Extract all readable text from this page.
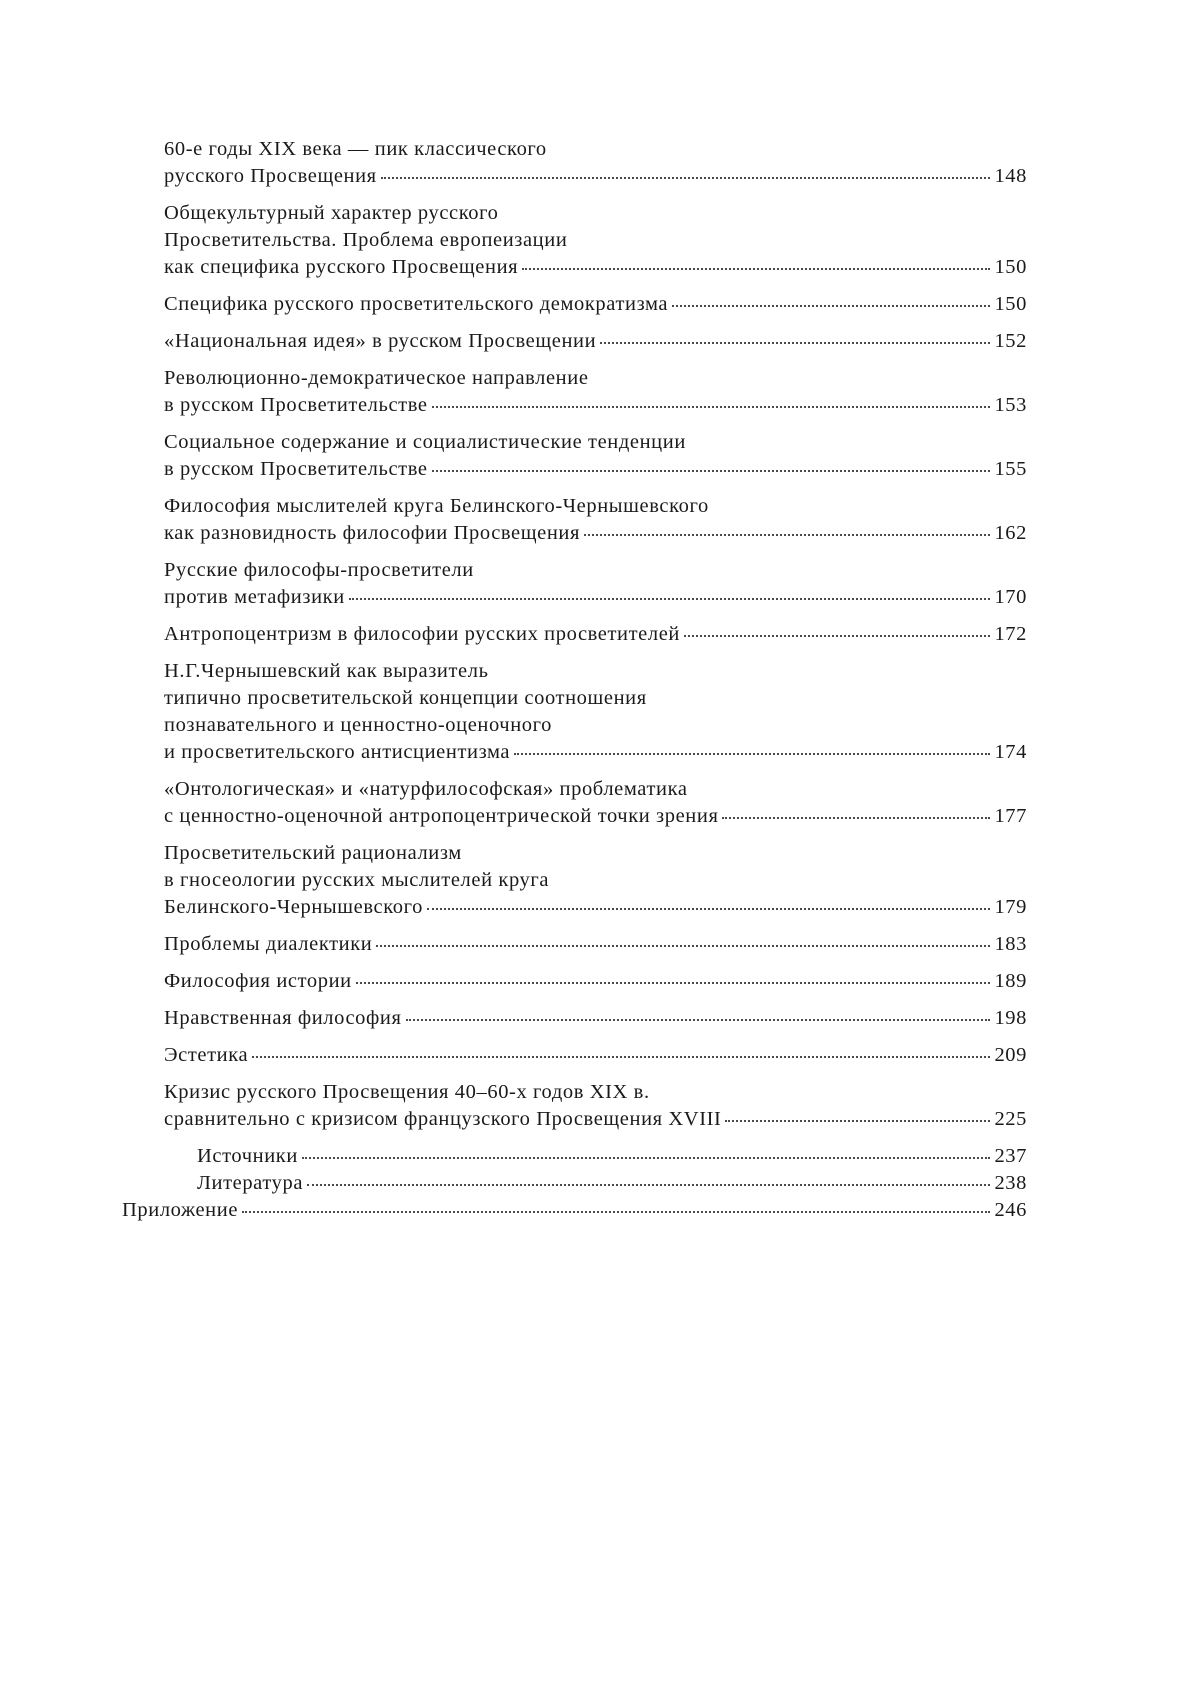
60-е годы XIX века — пик классического
русского Просвещения	148
Общекультурный характер русского
Просветительства. Проблема европеизации
как специфика русского Просвещения	150
Специфика русского просветительского демократизма	150
«Национальная идея» в русском Просвещении	152
Революционно-демократическое направление
в русском Просветительстве	153
Социальное содержание и социалистические тенденции
в русском Просветительстве	155
Философия мыслителей круга Белинского-Чернышевского
как разновидность философии Просвещения	162
Русские философы-просветители
против метафизики	170
Антропоцентризм в философии русских просветителей	172
Н.Г.Чернышевский как выразитель
типично просветительской концепции соотношения
познавательного и ценностно-оценочного
и просветительского антисциентизма	174
«Онтологическая» и «натурфилософская» проблематика
с ценностно-оценочной антропоцентрической точки зрения	177
Просветительский рационализм
в гносеологии русских мыслителей круга
Белинского-Чернышевского	179
Проблемы диалектики	183
Философия истории	189
Нравственная философия	198
Эстетика	209
Кризис русского Просвещения 40–60-х годов XIX в.
сравнительно с кризисом французского Просвещения XVIII	225
Источники	237
Литература	238
Приложение	246
